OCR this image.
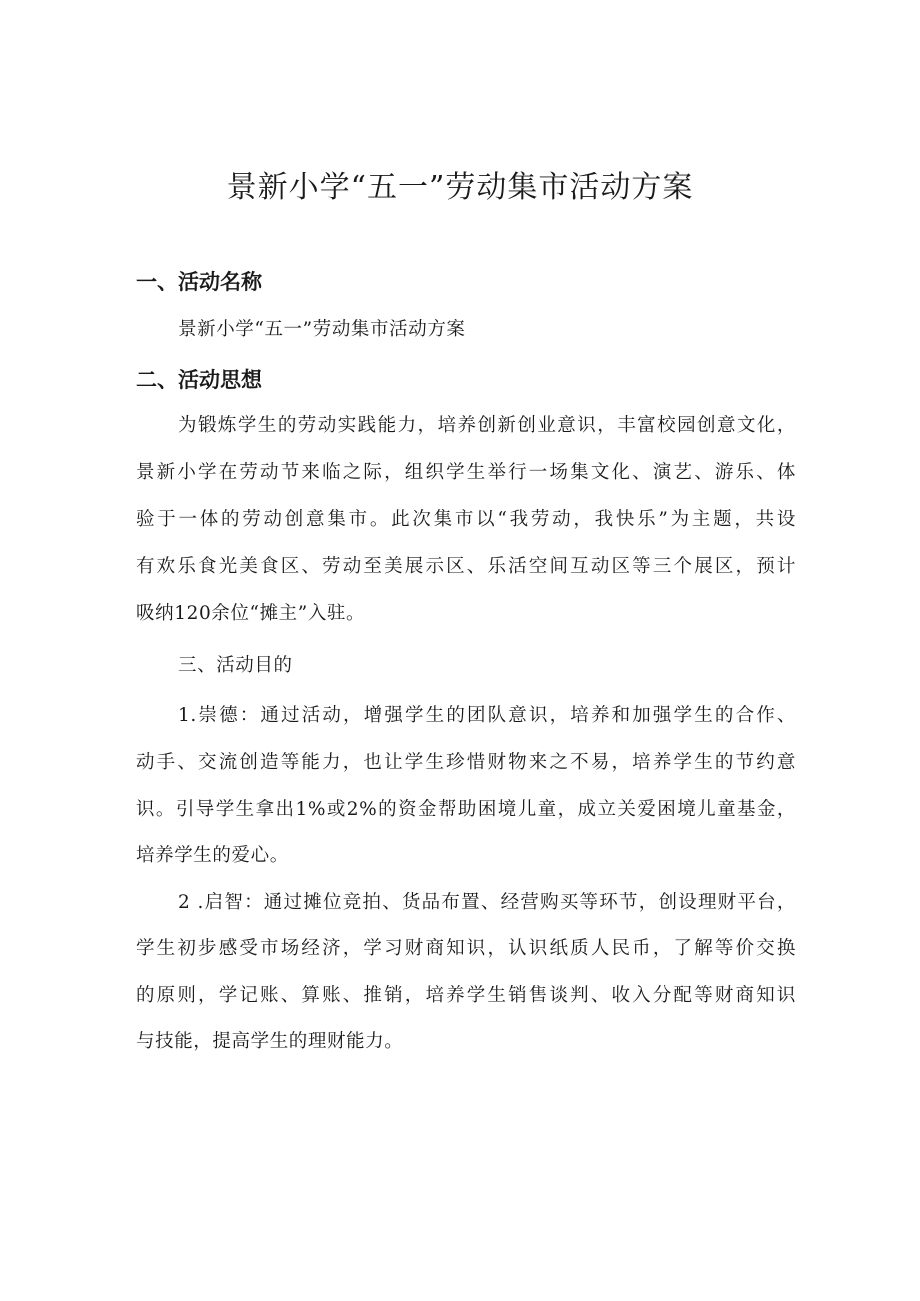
景新小学“五一”劳动集市活动方案
一、活动名称
景新小学“五一”劳动集市活动方案
二、活动思想
为锻炼学生的劳动实践能力，培养创新创业意识，丰富校园创意文化，
景新小学在劳动节来临之际，组织学生举行一场集文化、演艺、游乐、体
验于一体的劳动创意集市。此次集市以“我劳动，我快乐”为主题，共设
有欢乐食光美食区、劳动至美展示区、乐活空间互动区等三个展区，预计
吸纳120余位“摊主”入驻。
三、活动目的
1.崇德：通过活动，增强学生的团队意识，培养和加强学生的合作、
动手、交流创造等能力，也让学生珍惜财物来之不易，培养学生的节约意
识。引导学生拿出1%或2%的资金帮助困境儿童，成立关爱困境儿童基金，
培养学生的爱心。
2 .启智：通过摊位竞拍、货品布置、经营购买等环节，创设理财平台，
学生初步感受市场经济，学习财商知识，认识纸质人民币，了解等价交换
的原则，学记账、算账、推销，培养学生销售谈判、收入分配等财商知识
与技能，提高学生的理财能力。
